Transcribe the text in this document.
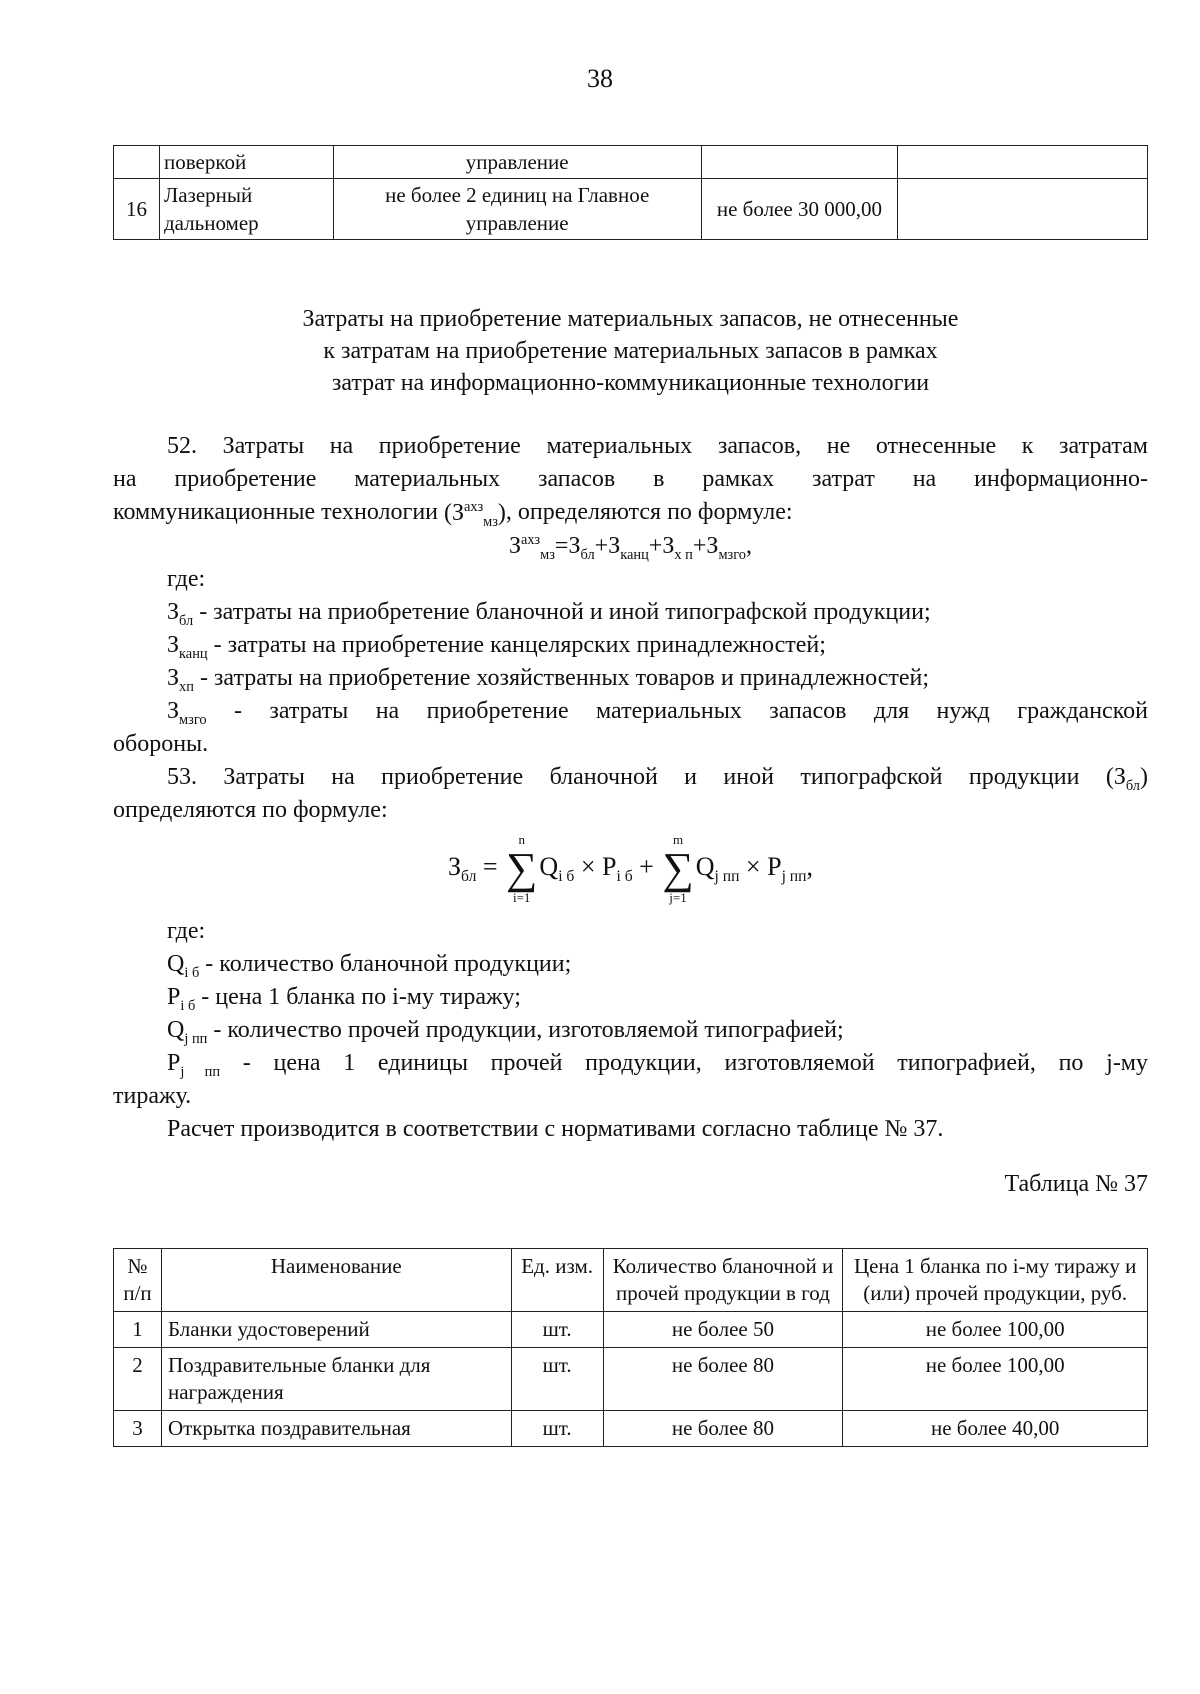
38
	поверкой	управление		
16	Лазерный дальномер	не более 2 единиц на Главное управление	не более 30 000,00	
Затраты на приобретение материальных запасов, не отнесенные
к затратам на приобретение материальных запасов в рамках
затрат на информационно-коммуникационные технологии

52. Затраты на приобретение материальных запасов, не отнесенные к затратам

на приобретение материальных запасов в рамках затрат на информационно-

коммуникационные технологии $(З^{ахз}_{мз})$, определяются по формуле:

$З^{ахз}_{мз}=З_{бл}+З_{канц}+З_{х п}+З_{мзго}$,

где:

$З_{бл}$ - затраты на приобретение бланочной и иной типографской продукции;

$З_{канц}$ - затраты на приобретение канцелярских принадлежностей;

$З_{хп}$ - затраты на приобретение хозяйственных товаров и принадлежностей;

$З_{мзго}$ - затраты на приобретение материальных запасов для нужд гражданской

обороны.

53. Затраты на приобретение бланочной и иной типографской продукции $(З_{бл})$

определяются по формуле:

$З_{бл}$ =
n
∑
i=1
$Q_{i б} \times P_{i б}$ +
m
∑
j=1
$Q_{j пп} \times P_{j пп}$,

где:

$Q_{i б}$ - количество бланочной продукции;

$P_{i б}$ - цена 1 бланка по i-му тиражу;

$Q_{j пп}$ - количество прочей продукции, изготовляемой типографией;

$P_{j пп}$ - цена 1 единицы прочей продукции, изготовляемой типографией, по j-му

тиражу.

Расчет производится в соответствии с нормативами согласно таблице № 37.

Таблица № 37

№ п/п	Наименование	Ед. изм.	Количество бланочной и прочей продукции в год	Цена 1 бланка по i-му тиражу и (или) прочей продукции, руб.
1	Бланки удостоверений	шт.	не более 50	не более 100,00
2	Поздравительные бланки для награждения	шт.	не более 80	не более 100,00
3	Открытка поздравительная	шт.	не более 80	не более 40,00
